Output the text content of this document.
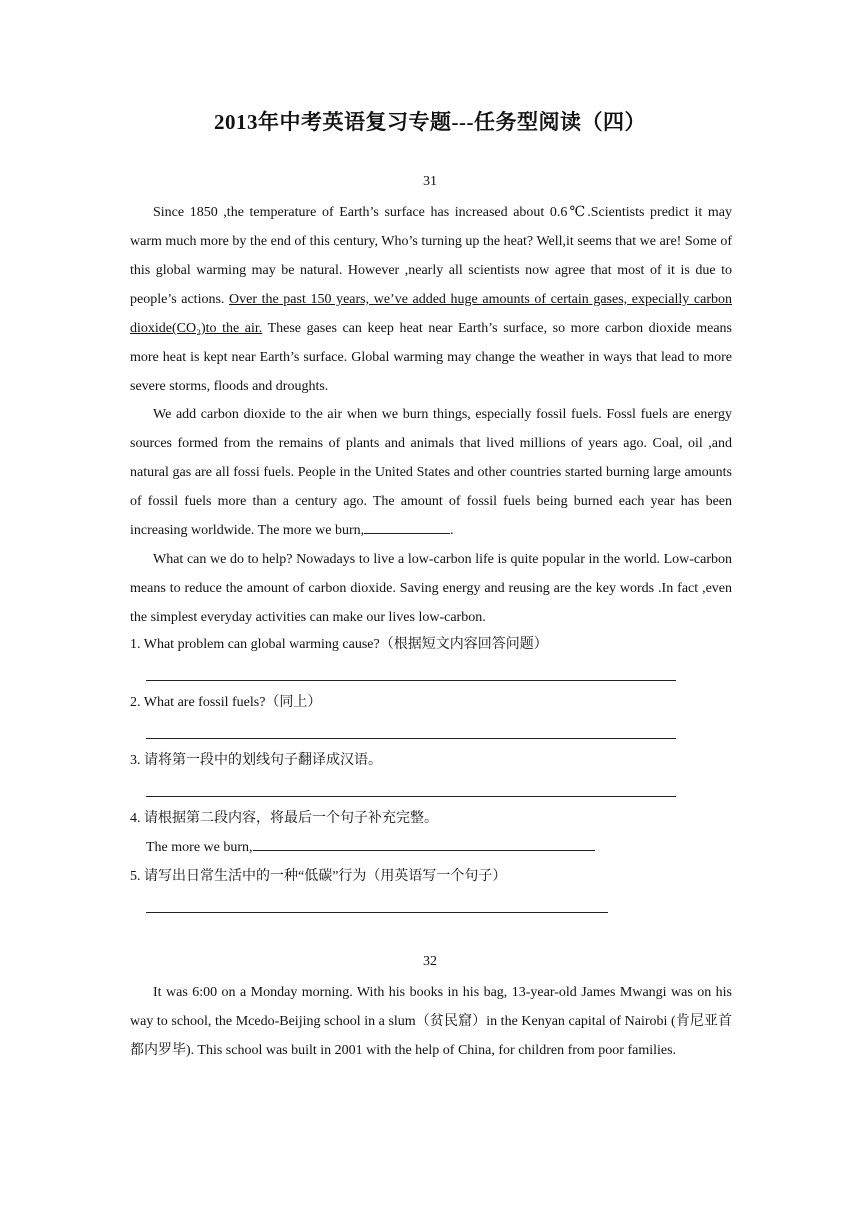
2013年中考英语复习专题---任务型阅读（四）
31
Since 1850 ,the temperature of Earth’s surface has increased about 0.6℃.Scientists predict it may warm much more by the end of this century, Who’s turning up the heat? Well,it seems that we are! Some of this global warming may be natural. However ,nearly all scientists now agree that most of it is due to people’s actions. Over the past 150 years, we’ve added huge amounts of certain gases, expecially carbon dioxide(CO₂)to the air. These gases can keep heat near Earth’s surface, so more carbon dioxide means more heat is kept near Earth’s surface. Global warming may change the weather in ways that lead to more severe storms, floods and droughts.
We add carbon dioxide to the air when we burn things, especially fossil fuels. Fossl fuels are energy sources formed from the remains of plants and animals that lived millions of years ago. Coal, oil ,and natural gas are all fossi fuels. People in the United States and other countries started burning large amounts of fossil fuels more than a century ago. The amount of fossil fuels being burned each year has been increasing worldwide. The more we burn,	.
What can we do to help? Nowadays to live a low-carbon life is quite popular in the world. Low-carbon means to reduce the amount of carbon dioxide. Saving energy and reusing are the key words .In fact ,even the simplest everyday activities can make our lives low-carbon.
1. What problem can global warming cause?（根据短文内容回答问题）
2. What are fossil fuels?（同上）
3. 请将第一段中的划线句子翻译成汉语。
4. 请根据第二段内容，将最后一个句子补充完整。
The more we burn,
5. 请写出日常生活中的一种“低碳”行为（用英语写一个句子）
32
It was 6:00 on a Monday morning. With his books in his bag, 13-year-old James Mwangi was on his way to school, the Mcedo-Beijing school in a slum（贫民窟）in the Kenyan capital of Nairobi (肯尼亚首都内罗毕). This school was built in 2001 with the help of China, for children from poor families.
